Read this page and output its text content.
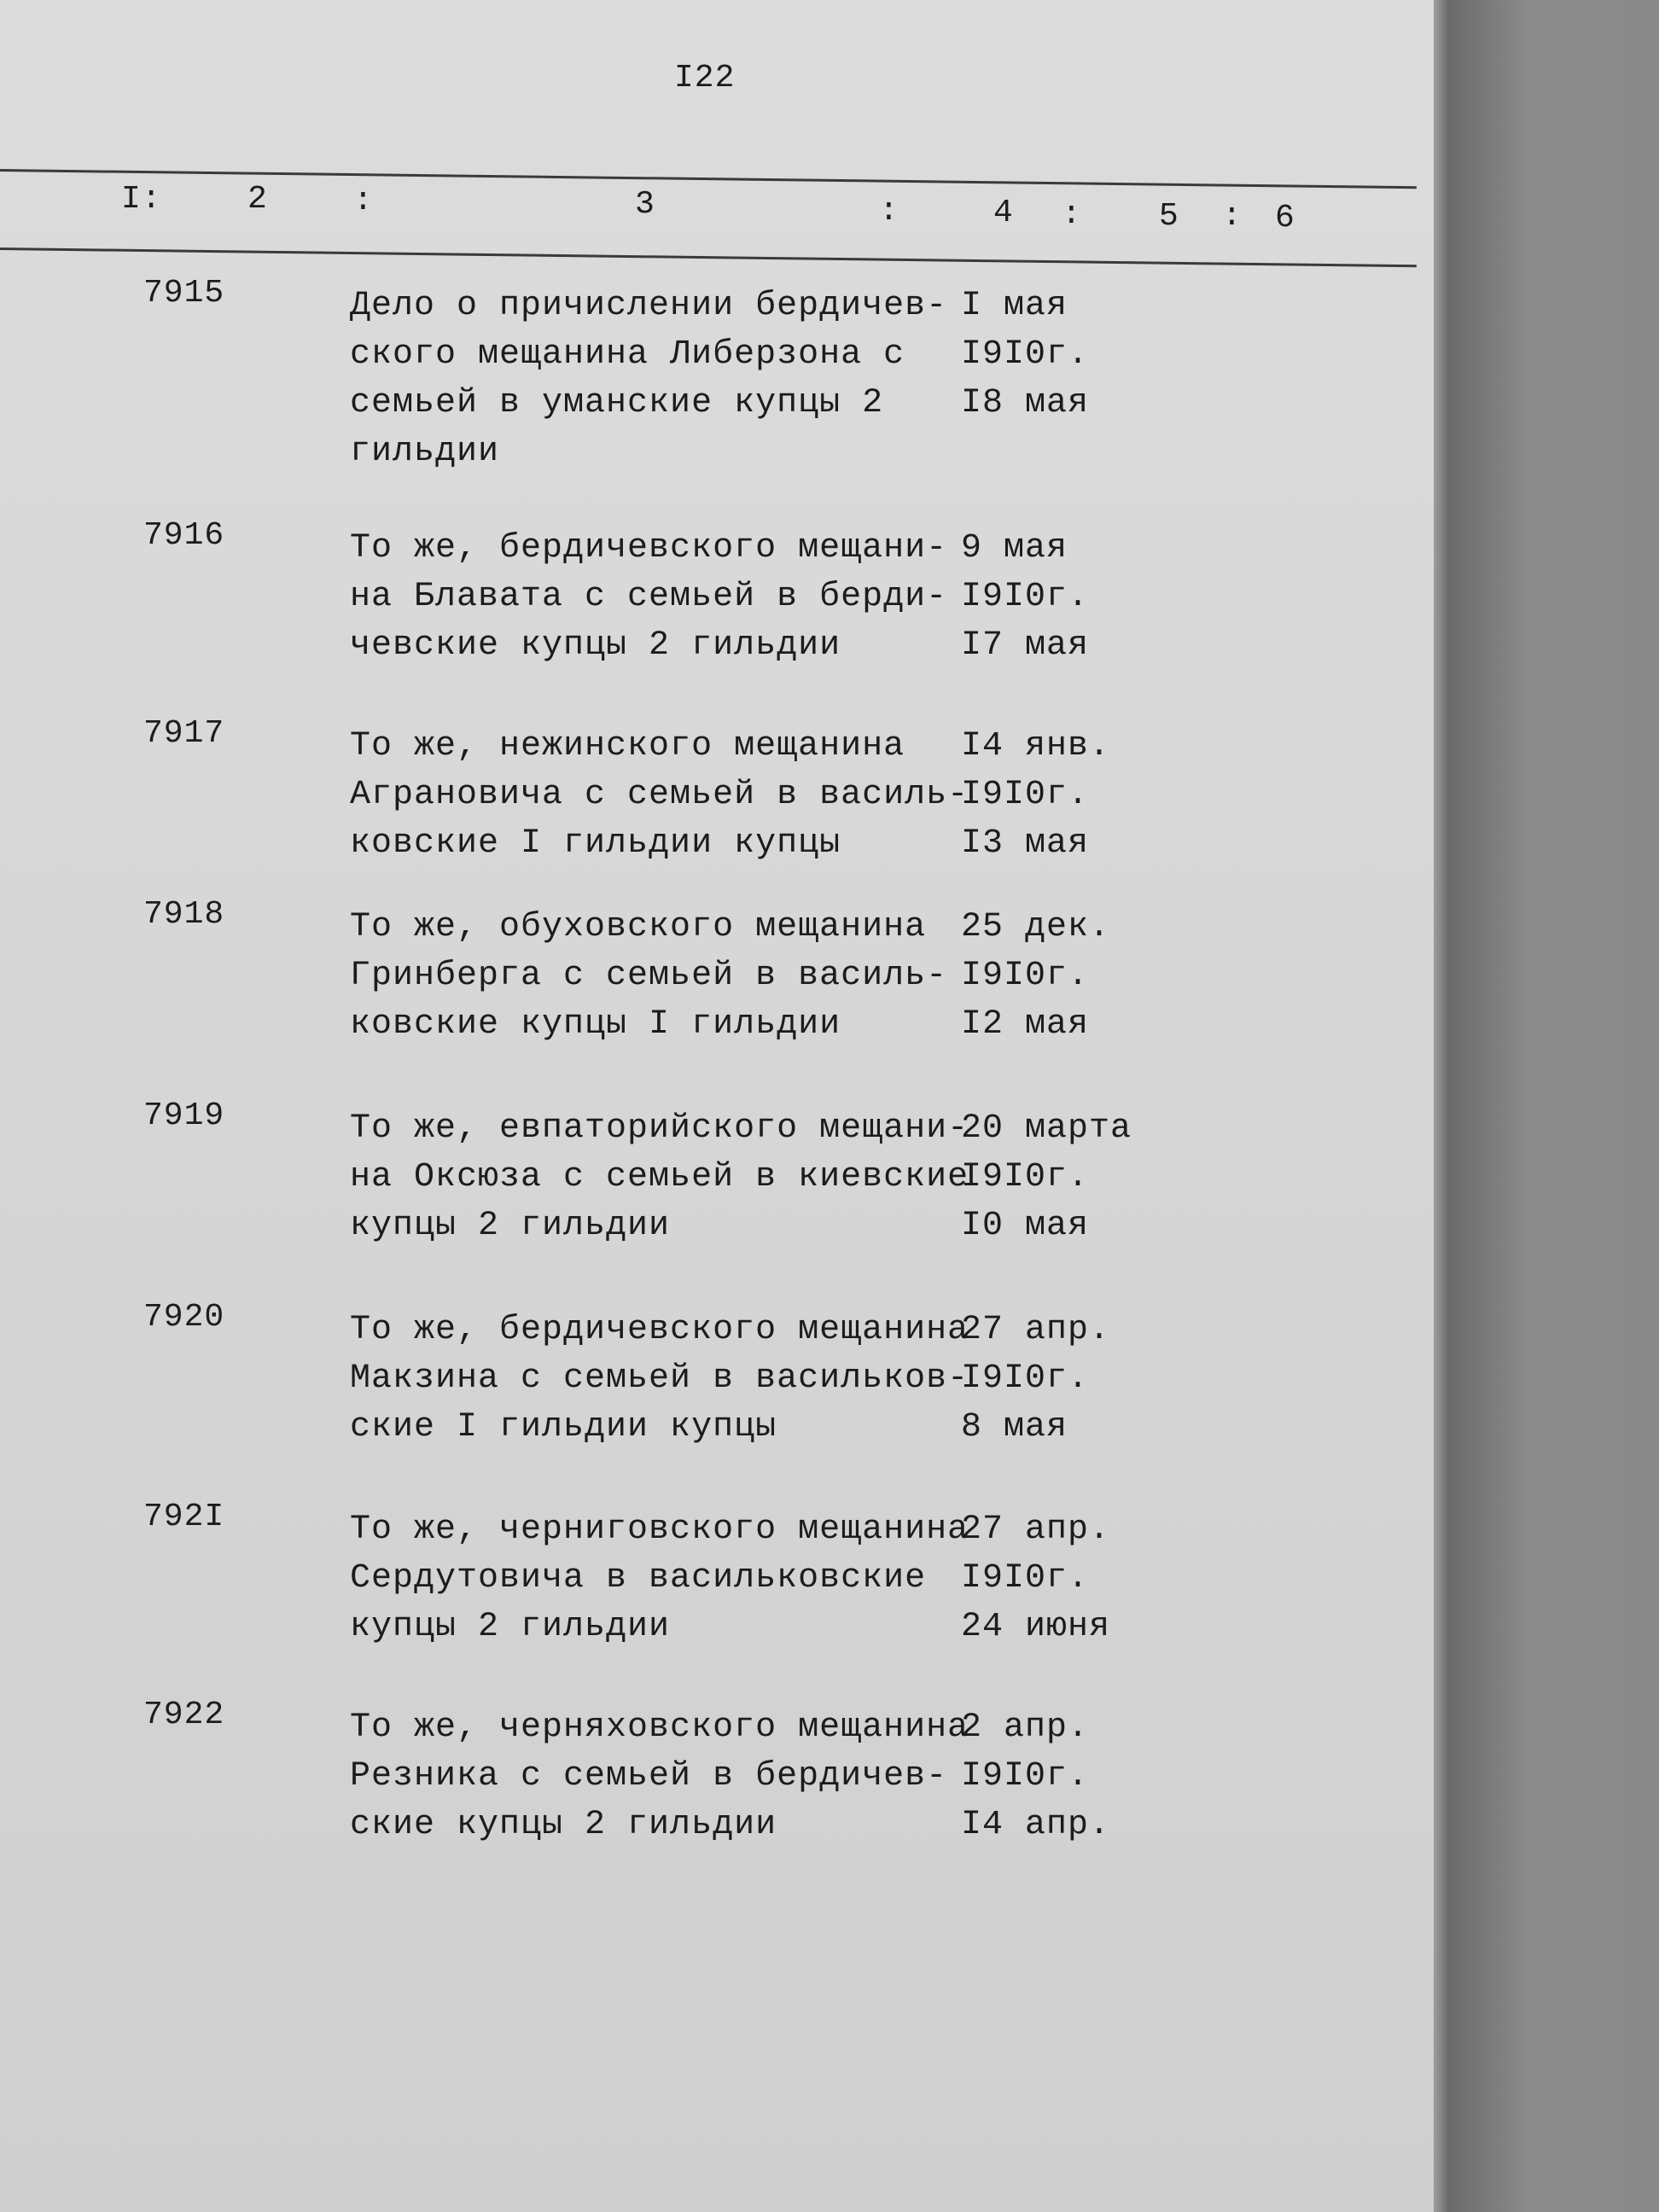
I22
I:	2	:	3	:	4 : 5 : 6
7915	Дело о причислении бердичев-
ского мещанина Либерзона с
семьей в уманские купцы 2
гильдии
I мая
I9I0г.
I8 мая
7916	То же, бердичевского мещани-
на Блавата с семьей в берди-
чевские купцы 2 гильдии
9 мая
I9I0г.
I7 мая
7917	То же, нежинского мещанина
Аграновича с семьей в василь-
ковские I гильдии купцы
I4 янв.
I9I0г.
I3 мая
7918	То же, обуховского мещанина
Гринберга с семьей в василь-
ковские купцы I гильдии
25 дек.
I9I0г.
I2 мая
7919	То же, евпаторийского мещани-
на Оксюза с семьей в киевские
купцы 2 гильдии
20 марта
I9I0г.
I0 мая
7920	То же, бердичевского мещанина
Макзина с семьей в васильков-
ские I гильдии купцы
27 апр.
I9I0г.
8 мая
792I	То же, черниговского мещанина
Сердутовича в васильковские
купцы 2 гильдии
27 апр.
I9I0г.
24 июня
7922	То же, черняховского мещанина
Резника с семьей в бердичев-
ские купцы 2 гильдии
2 апр.
I9I0г.
I4 апр.
